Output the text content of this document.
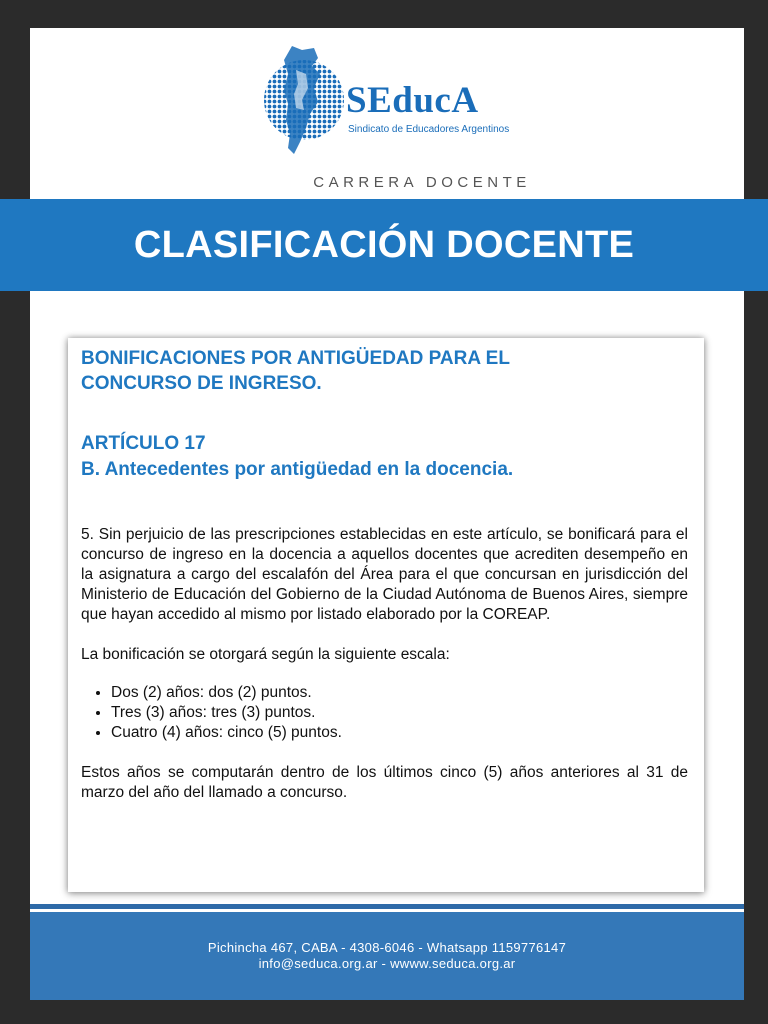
SEducA
Sindicato de Educadores Argentinos
CARRERA DOCENTE
CLASIFICACIÓN DOCENTE

BONIFICACIONES POR ANTIGÜEDAD PARA EL
CONCURSO DE INGRESO.

ARTÍCULO 17
B. Antecedentes por antigüedad en la docencia.

5. Sin perjuicio de las prescripciones establecidas en este artículo, se bonificará para el concurso de ingreso en la docencia a aquellos docentes que acrediten desempeño en la asignatura a cargo del escalafón del Área para el que concursan en jurisdicción del Ministerio de Educación del Gobierno de la Ciudad Autónoma de Buenos Aires, siempre que hayan accedido al mismo por listado elaborado por la COREAP.

La bonificación se otorgará según la siguiente escala:

• Dos (2) años: dos (2) puntos.
• Tres (3) años: tres (3) puntos.
• Cuatro (4) años: cinco (5) puntos.

Estos años se computarán dentro de los últimos cinco (5) años anteriores al 31 de marzo del año del llamado a concurso.

Pichincha 467, CABA - 4308-6046 - Whatsapp 1159776147
info@seduca.org.ar - wwww.seduca.org.ar
